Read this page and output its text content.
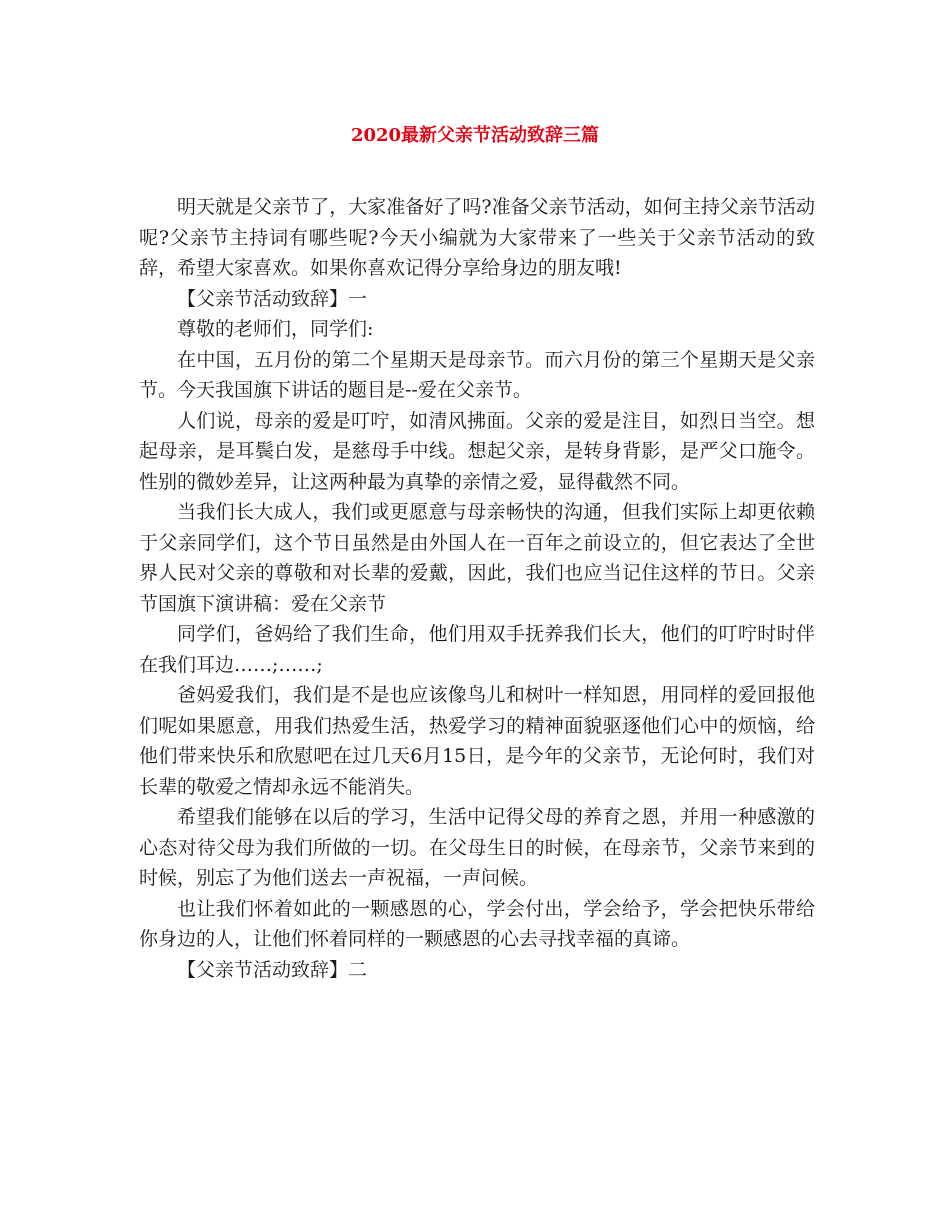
2020最新父亲节活动致辞三篇

明天就是父亲节了，大家准备好了吗?准备父亲节活动，如何主持父亲节活动呢?父亲节主持词有哪些呢?今天小编就为大家带来了一些关于父亲节活动的致辞，希望大家喜欢。如果你喜欢记得分享给身边的朋友哦!

【父亲节活动致辞】一

尊敬的老师们，同学们:

在中国，五月份的第二个星期天是母亲节。而六月份的第三个星期天是父亲节。今天我国旗下讲话的题目是--爱在父亲节。

人们说，母亲的爱是叮咛，如清风拂面。父亲的爱是注目，如烈日当空。想起母亲，是耳鬓白发，是慈母手中线。想起父亲，是转身背影，是严父口施令。性别的微妙差异，让这两种最为真挚的亲情之爱，显得截然不同。

当我们长大成人，我们或更愿意与母亲畅快的沟通，但我们实际上却更依赖于父亲同学们，这个节日虽然是由外国人在一百年之前设立的，但它表达了全世界人民对父亲的尊敬和对长辈的爱戴，因此，我们也应当记住这样的节日。父亲节国旗下演讲稿：爱在父亲节

同学们，爸妈给了我们生命，他们用双手抚养我们长大，他们的叮咛时时伴在我们耳边……;……;

爸妈爱我们，我们是不是也应该像鸟儿和树叶一样知恩，用同样的爱回报他们呢如果愿意，用我们热爱生活，热爱学习的精神面貌驱逐他们心中的烦恼，给他们带来快乐和欣慰吧在过几天6月15日，是今年的父亲节，无论何时，我们对长辈的敬爱之情却永远不能消失。

希望我们能够在以后的学习，生活中记得父母的养育之恩，并用一种感激的心态对待父母为我们所做的一切。在父母生日的时候，在母亲节，父亲节来到的时候，别忘了为他们送去一声祝福，一声问候。

也让我们怀着如此的一颗感恩的心，学会付出，学会给予，学会把快乐带给你身边的人，让他们怀着同样的一颗感恩的心去寻找幸福的真谛。

【父亲节活动致辞】二
